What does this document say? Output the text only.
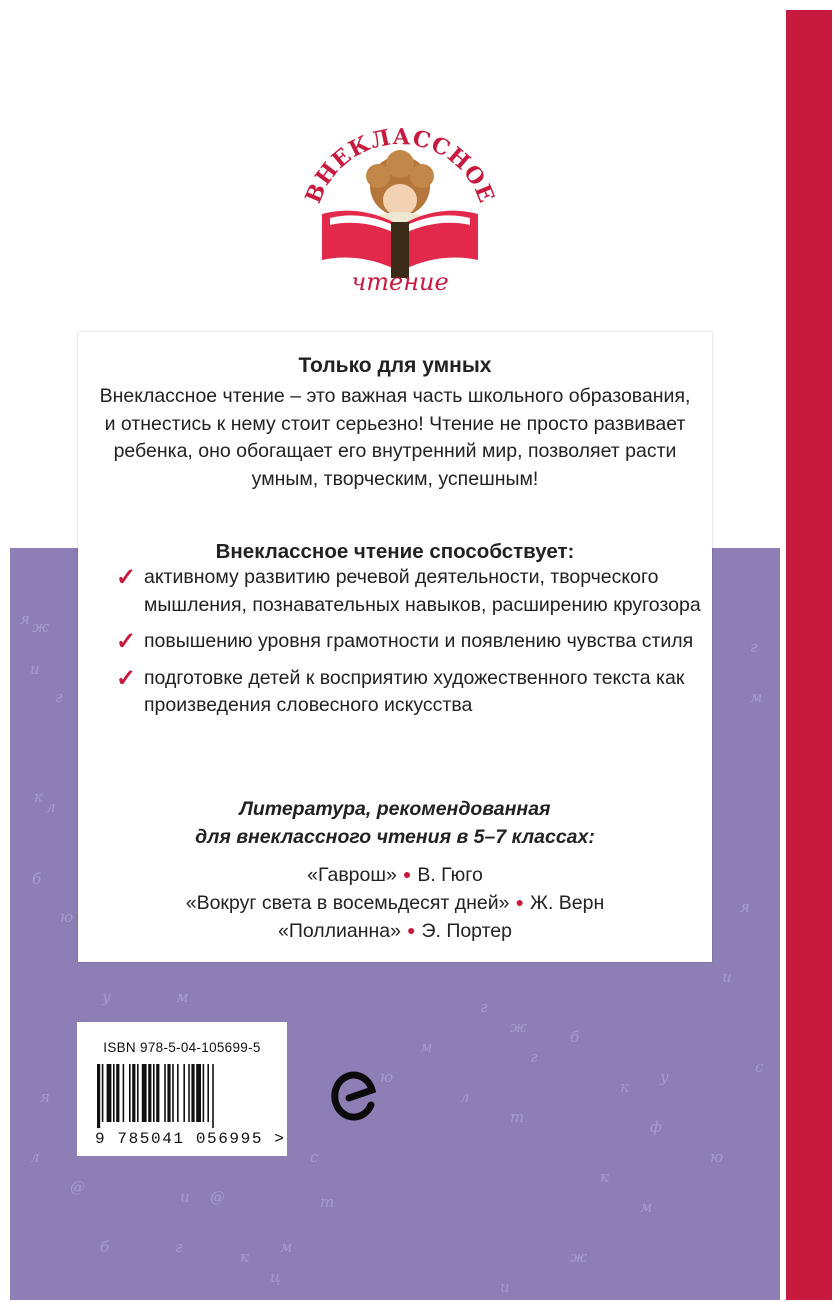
я ж
и
г
к
л
б
ю
у	м
я
л
@
и
г
к
м
с
ц
ю
м
г
ж
г
л
т
б
к
у
ф
и
г
м
я
с
ю
к
м
@	т
ж
и
б
ВНЕКЛАССНОЕ
чтение
Только для умных

Внеклассное чтение – это важная часть школьного образования, и отнестись к нему стоит серьезно! Чтение не просто развивает ребенка, оно обогащает его внутренний мир, позволяет расти умным, творческим, успешным!

Внеклассное чтение способствует:
✓ активному развитию речевой деятельности, творческого мышления, познавательных навыков, расширению кругозора
✓ повышению уровня грамотности и появлению чувства стиля
✓ подготовке детей к восприятию художественного текста как произведения словесного искусства
Литература, рекомендованная
для внеклассного чтения в 5–7 классах:
«Гаврош» ● В. Гюго
«Вокруг света в восемьдесят дней» ● Ж. Верн
«Поллианна» ● Э. Портер
ISBN 978-5-04-105699-5
9 785041 056995 >
